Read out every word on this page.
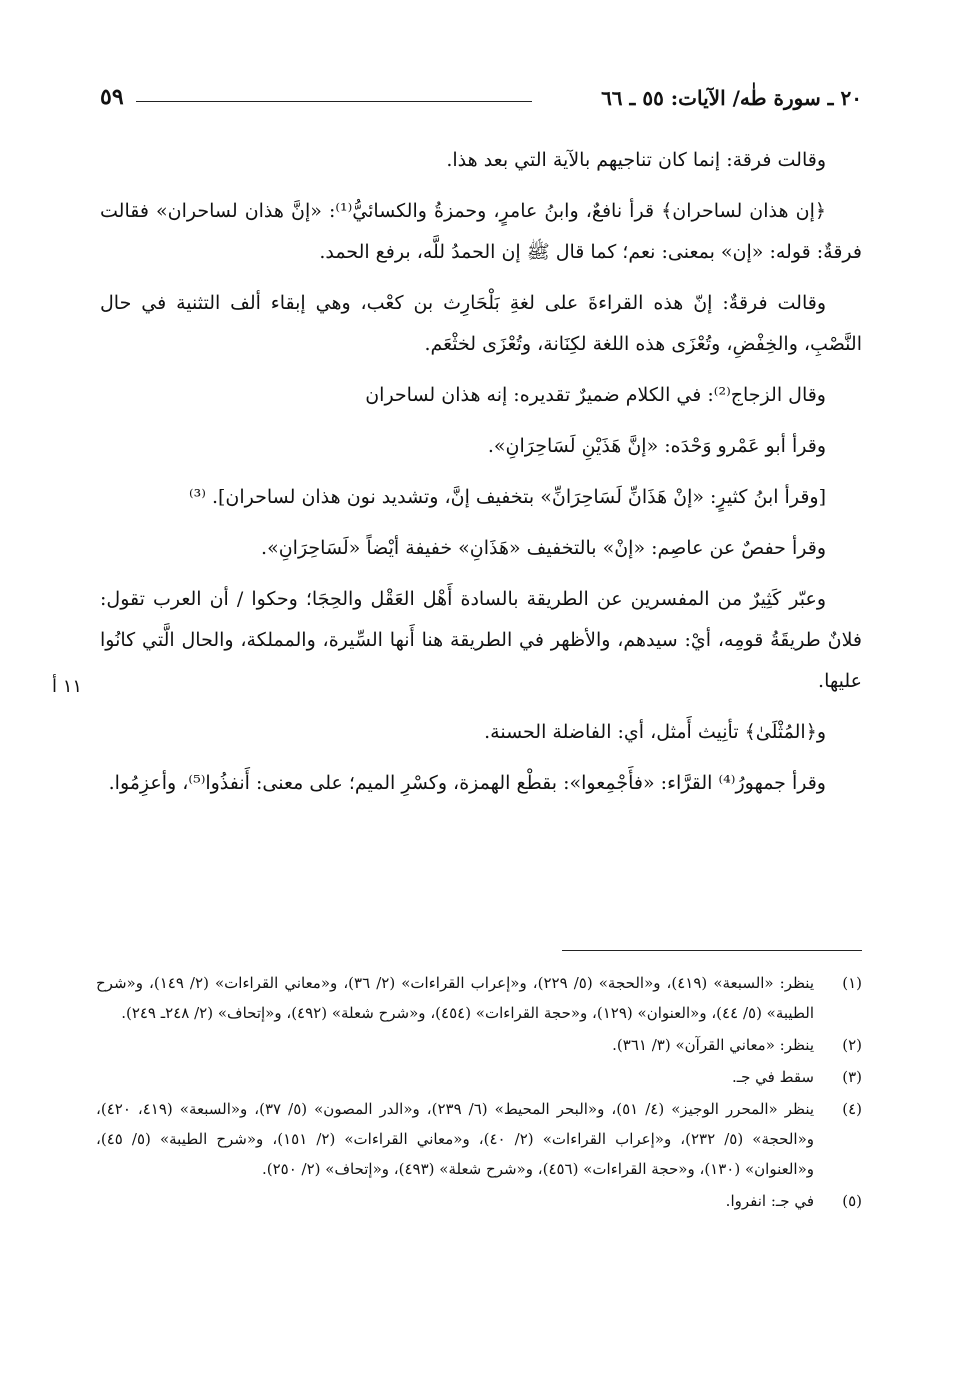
٢٠ ـ سورة طٰه/ الآيات: ٥٥ ـ ٦٦
٥٩
١١ أ

وقالت فرقة: إنما كان تناجيهم بالآية التي بعد هذا.

﴿إن هذان لساحران﴾ قرأ نافعٌ، وابنُ عامرٍ، وحمزةُ والكسائيُّ⁽¹⁾: «إنَّ هذان لساحران» فقالت فرقةٌ: قوله: «إن» بمعنى: نعم؛ كما قال ﷺ إن الحمدُ للَّه، برفع الحمد.

وقالت فرقةٌ: إنّ هذه القراءةَ على لغةِ بَلْحَارِث بن كعْب، وهي إبقاء ألف التثنية في حال النَّصْبِ، والخِفْضِ، وتُعْزَى هذه اللغة لكِنَانة، وتُعْزَى لخثْعَم.

وقال الزجاج⁽²⁾: في الكلام ضميرٌ تقديره: إنه هذان لساحران

وقرأ أبو عَمْرو وَحْدَه: «إنَّ هَذَيْنِ لَسَاحِرَانِ».

[وقرأ ابنُ كثيرٍ: «إنْ هَذَانِّ لَسَاحِرَانِّ» بتخفيف إنَّ، وتشديد نون هذان لساحران]. ⁽³⁾

وقرأ حفصٌ عن عاصِم: «إنْ» بالتخفيف «هَذَانِ» خفيفة أيْضاً «لَسَاحِرَانِ».

وعبّر كَثِيرٌ من المفسرين عن الطريقة بالسادة أَهْل العَقْل والحِجَا؛ وحكوا / أن العرب تقول: فلانٌ طريقَةُ قومِه، أيْ: سيدهم، والأظهر في الطريقة هنا أَنها السِّيرة، والمملكة، والحال الَّتي كانُوا عليها.

و﴿المُثْلَىٰ﴾ تأنِيث أَمثل، أي: الفاضلة الحسنة.

وقرأ جمهورُ⁽⁴⁾ القرَّاء: «فأَجْمِعوا»: بقطْع الهمزة، وكسْرِ الميم؛ على معنى: أَنفذُوا⁽⁵⁾، وأعزِمُوا.

(١)
ينظر: «السبعة» (٤١٩)، و«الحجة» (٥/ ٢٢٩)، و«إعراب القراءات» (٢/ ٣٦)، و«معاني القراءات» (٢/ ١٤٩)، و«شرح الطيبة» (٥/ ٤٤)، و«العنوان» (١٢٩)، و«حجة القراءات» (٤٥٤)، و«شرح شعلة» (٤٩٢)، و«إتحاف» (٢/ ٢٤٨ـ ٢٤٩).
(٢)
ينظر: «معاني القرآن» (٣/ ٣٦١).
(٣)
سقط في جـ.
(٤)
ينظر «المحرر الوجيز» (٤/ ٥١)، و«البحر المحيط» (٦/ ٢٣٩)، و«الدر المصون» (٥/ ٣٧)، و«السبعة» (٤١٩، ٤٢٠)، و«الحجة» (٥/ ٢٣٢)، و«إعراب القراءات» (٢/ ٤٠)، و«معاني القراءات» (٢/ ١٥١)، و«شرح الطيبة» (٥/ ٤٥)، و«العنوان» (١٣٠)، و«حجة القراءات» (٤٥٦)، و«شرح شعلة» (٤٩٣)، و«إتحاف» (٢/ ٢٥٠).
(٥)
في جـ: انفروا.
